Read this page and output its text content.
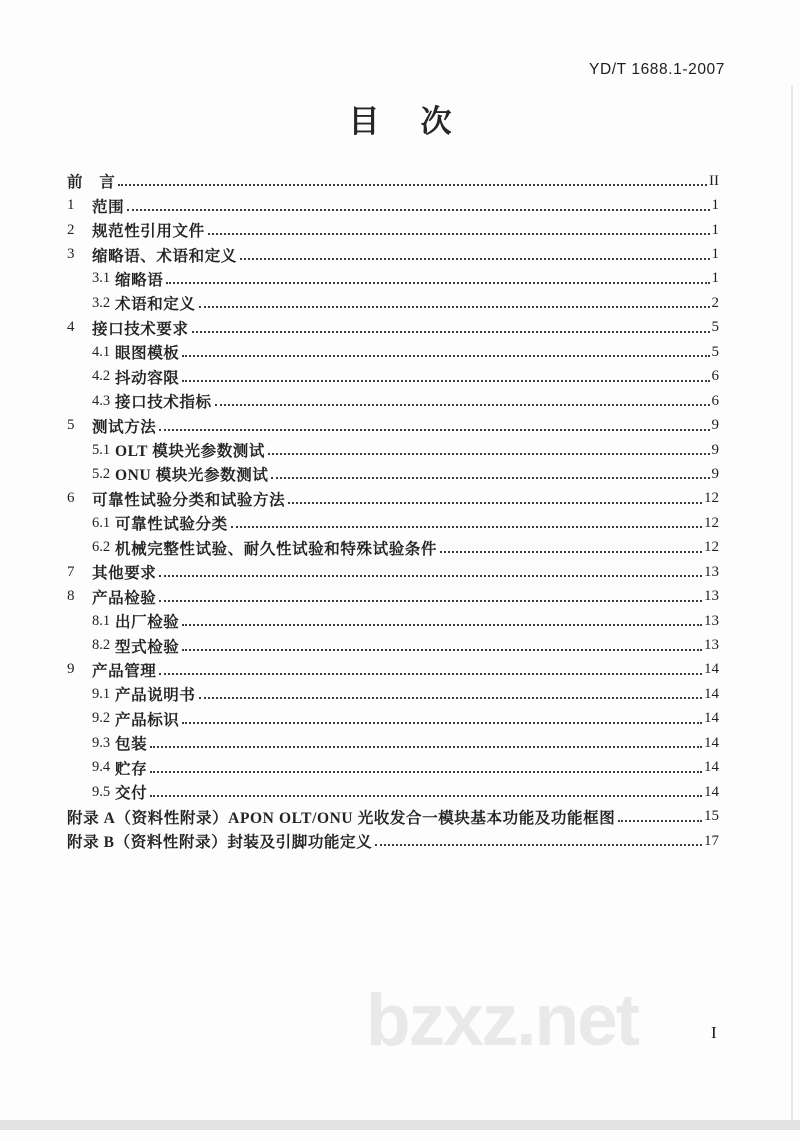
YD/T 1688.1-2007
目 次
前　言	II
1	范围	1
2	规范性引用文件	1
3	缩略语、术语和定义	1
3.1 缩略语	1
3.2 术语和定义	2
4	接口技术要求	5
4.1 眼图模板	5
4.2 抖动容限	6
4.3 接口技术指标	6
5	测试方法	9
5.1 OLT 模块光参数测试	9
5.2 ONU 模块光参数测试	9
6	可靠性试验分类和试验方法	12
6.1 可靠性试验分类	12
6.2 机械完整性试验、耐久性试验和特殊试验条件	12
7	其他要求	13
8	产品检验	13
8.1 出厂检验	13
8.2 型式检验	13
9	产品管理	14
9.1 产品说明书	14
9.2 产品标识	14
9.3 包装	14
9.4 贮存	14
9.5 交付	14
附录 A（资料性附录）APON OLT/ONU 光收发合一模块基本功能及功能框图	15
附录 B（资料性附录）封装及引脚功能定义	17
bzxz.net	I
